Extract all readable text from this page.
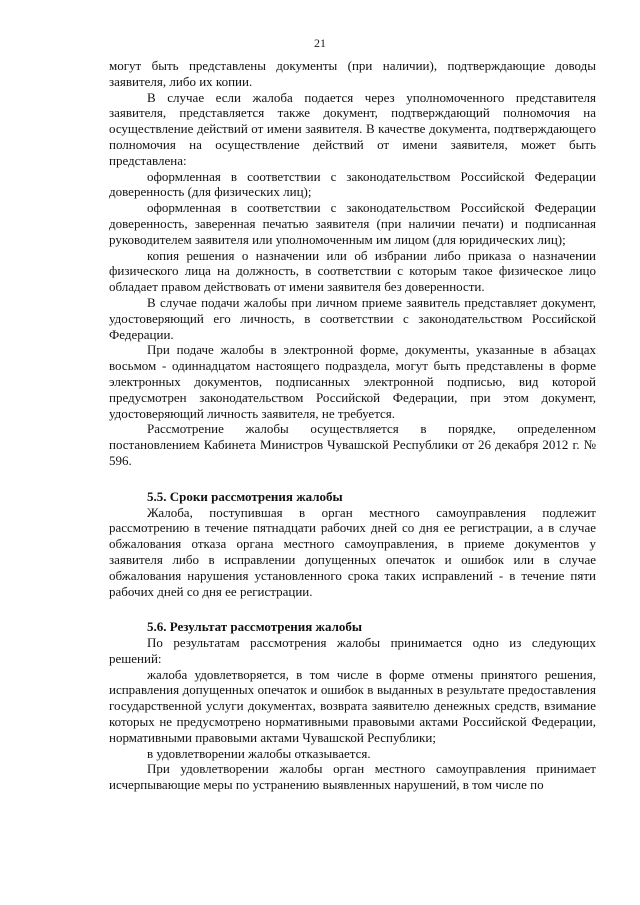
21

могут быть представлены документы (при наличии), подтверждающие доводы заявителя, либо их копии.

В случае если жалоба подается через уполномоченного представителя заявителя, представляется также документ, подтверждающий полномочия на осуществление действий от имени заявителя. В качестве документа, подтверждающего полномочия на осуществление действий от имени заявителя, может быть представлена:

оформленная в соответствии с законодательством Российской Федерации доверенность (для физических лиц);

оформленная в соответствии с законодательством Российской Федерации доверенность, заверенная печатью заявителя (при наличии печати) и подписанная руководителем заявителя или уполномоченным им лицом (для юридических лиц);

копия решения о назначении или об избрании либо приказа о назначении физического лица на должность, в соответствии с которым такое физическое лицо обладает правом действовать от имени заявителя без доверенности.

В случае подачи жалобы при личном приеме заявитель представляет документ, удостоверяющий его личность, в соответствии с законодательством Российской Федерации.

При подаче жалобы в электронной форме, документы, указанные в абзацах восьмом - одиннадцатом настоящего подраздела, могут быть представлены в форме электронных документов, подписанных электронной подписью, вид которой предусмотрен законодательством Российской Федерации, при этом документ, удостоверяющий личность заявителя, не требуется.

Рассмотрение жалобы осуществляется в порядке, определенном постановлением Кабинета Министров Чувашской Республики от 26 декабря 2012 г. № 596.

5.5. Сроки рассмотрения жалобы

Жалоба, поступившая в орган местного самоуправления подлежит рассмотрению в течение пятнадцати рабочих дней со дня ее регистрации, а в случае обжалования отказа органа местного самоуправления, в приеме документов у заявителя либо в исправлении допущенных опечаток и ошибок или в случае обжалования нарушения установленного срока таких исправлений - в течение пяти рабочих дней со дня ее регистрации.

5.6. Результат рассмотрения жалобы

По результатам рассмотрения жалобы принимается одно из следующих решений:

жалоба удовлетворяется, в том числе в форме отмены принятого решения, исправления допущенных опечаток и ошибок в выданных в результате предоставления государственной услуги документах, возврата заявителю денежных средств, взимание которых не предусмотрено нормативными правовыми актами Российской Федерации, нормативными правовыми актами Чувашской Республики;

в удовлетворении жалобы отказывается.

При удовлетворении жалобы орган местного самоуправления принимает исчерпывающие меры по устранению выявленных нарушений, в том числе по
